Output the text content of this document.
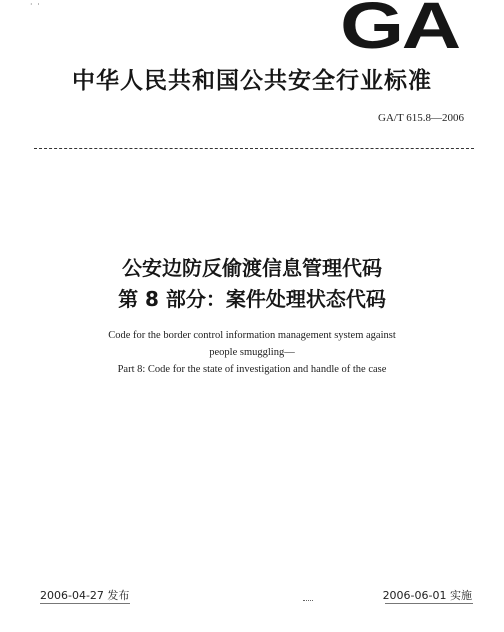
· ·	GA
中华人民共和国公共安全行业标准
GA/T 615.8—2006
公安边防反偷渡信息管理代码
第 8 部分：案件处理状态代码
Code for the border control information management system against
people smuggling—
Part 8: Code for the state of investigation and handle of the case
2006-04-27 发布	2006-06-01 实施
